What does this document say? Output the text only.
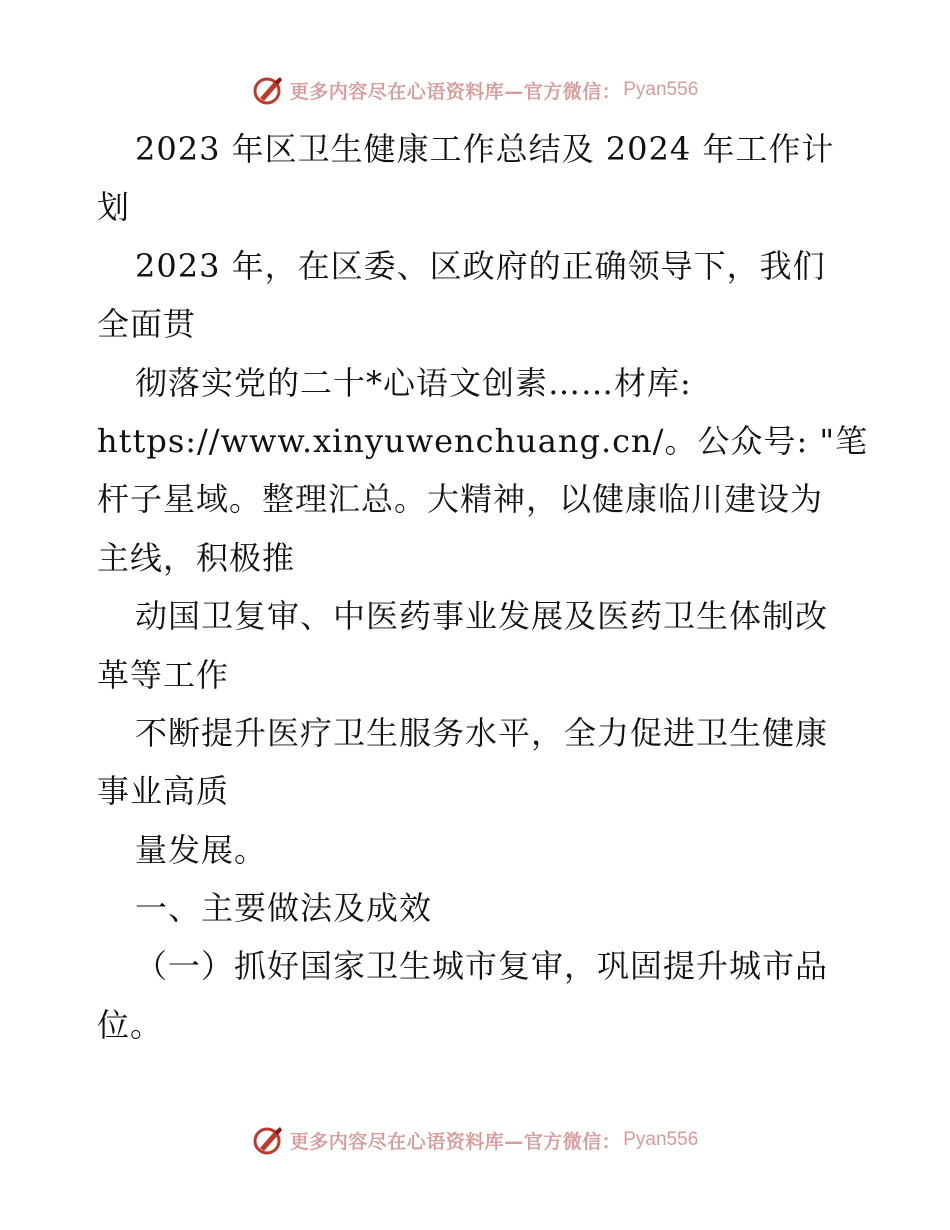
更多内容尽在心语资料库—官方微信： Pyan556
2023 年区卫生健康工作总结及 2024 年工作计
划
2023 年，在区委、区政府的正确领导下，我们
全面贯
彻落实党的二十*心语文创素……材库:
https://www.xinyuwenchuang.cn/。公众号: "笔
杆子星域。整理汇总。大精神，以健康临川建设为
主线，积极推
动国卫复审、中医药事业发展及医药卫生体制改
革等工作
不断提升医疗卫生服务水平，全力促进卫生健康
事业高质
量发展。
一、主要做法及成效
（一）抓好国家卫生城市复审，巩固提升城市品
位。
更多内容尽在心语资料库—官方微信： Pyan556
